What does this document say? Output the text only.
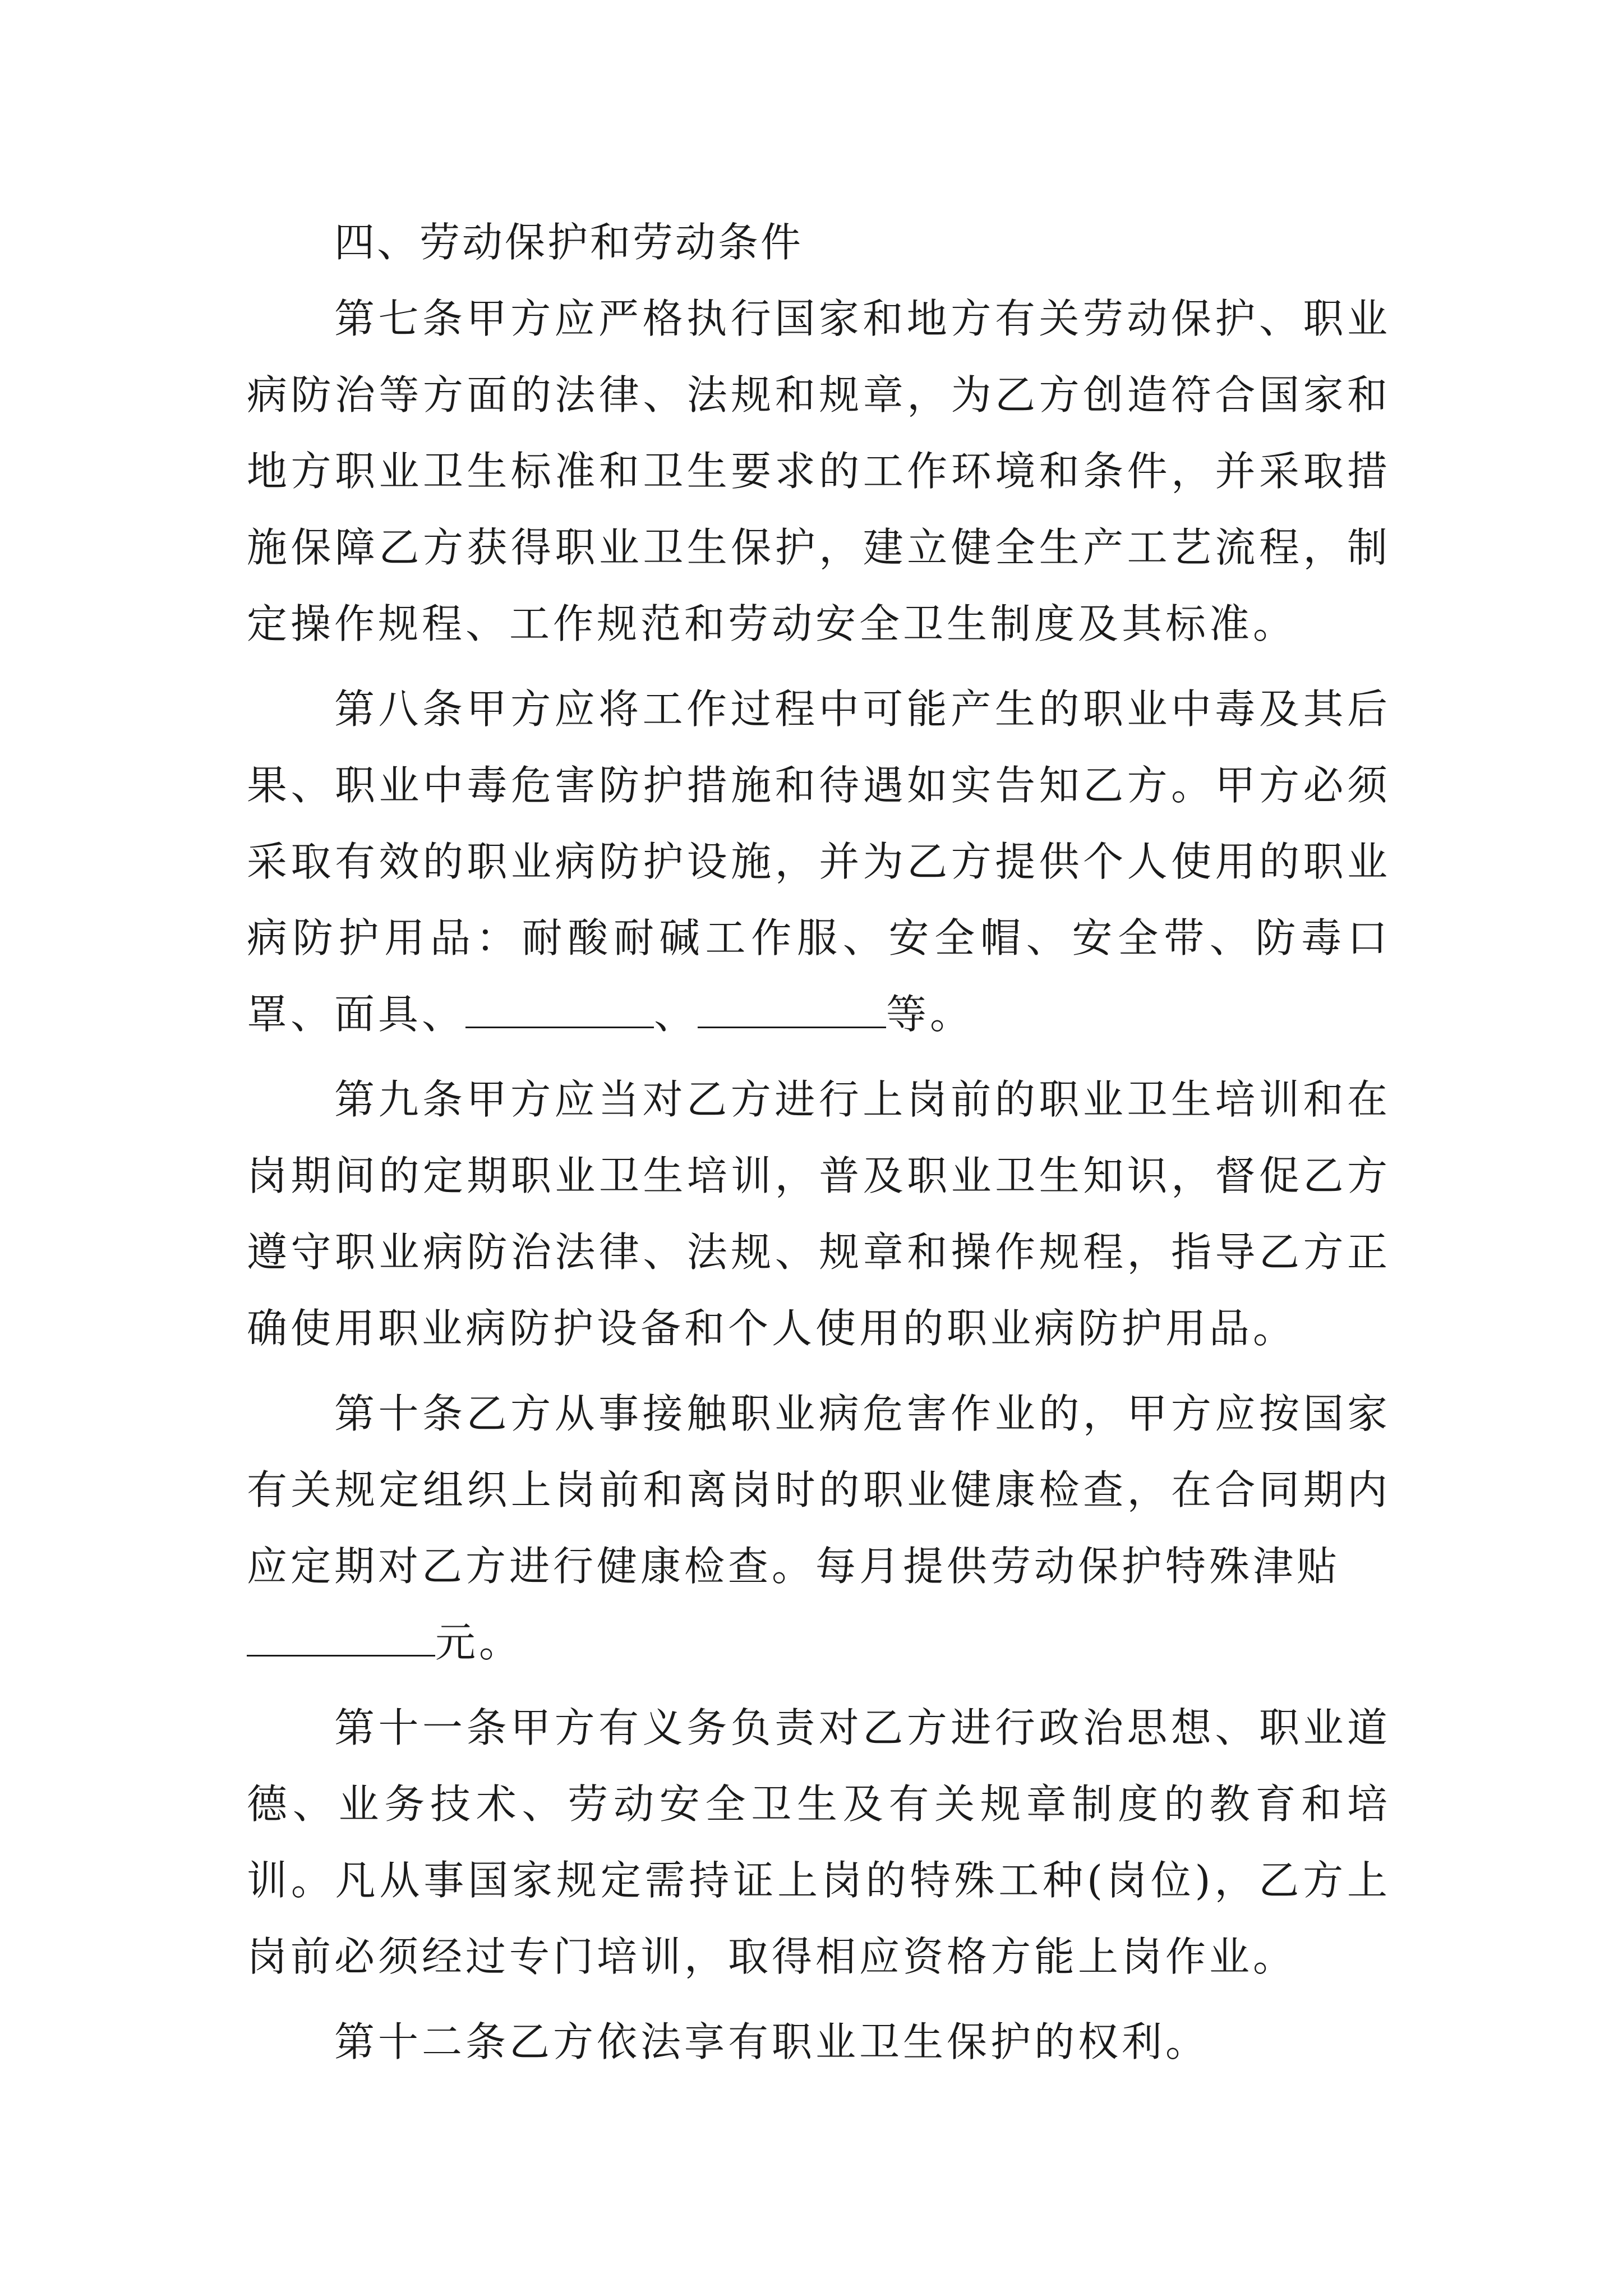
四、劳动保护和劳动条件

第七条甲方应严格执行国家和地方有关劳动保护、职业病防治等方面的法律、法规和规章，为乙方创造符合国家和地方职业卫生标准和卫生要求的工作环境和条件，并采取措施保障乙方获得职业卫生保护，建立健全生产工艺流程，制定操作规程、工作规范和劳动安全卫生制度及其标准。

第八条甲方应将工作过程中可能产生的职业中毒及其后果、职业中毒危害防护措施和待遇如实告知乙方。甲方必须采取有效的职业病防护设施，并为乙方提供个人使用的职业病防护用品：耐酸耐碱工作服、安全帽、安全带、防毒口罩、面具、	、	等。

第九条甲方应当对乙方进行上岗前的职业卫生培训和在岗期间的定期职业卫生培训，普及职业卫生知识，督促乙方遵守职业病防治法律、法规、规章和操作规程，指导乙方正确使用职业病防护设备和个人使用的职业病防护用品。

第十条乙方从事接触职业病危害作业的，甲方应按国家有关规定组织上岗前和离岗时的职业健康检查，在合同期内应定期对乙方进行健康检查。每月提供劳动保护特殊津贴
元。

第十一条甲方有义务负责对乙方进行政治思想、职业道德、业务技术、劳动安全卫生及有关规章制度的教育和培训。凡从事国家规定需持证上岗的特殊工种(岗位)，乙方上岗前必须经过专门培训，取得相应资格方能上岗作业。

第十二条乙方依法享有职业卫生保护的权利。
